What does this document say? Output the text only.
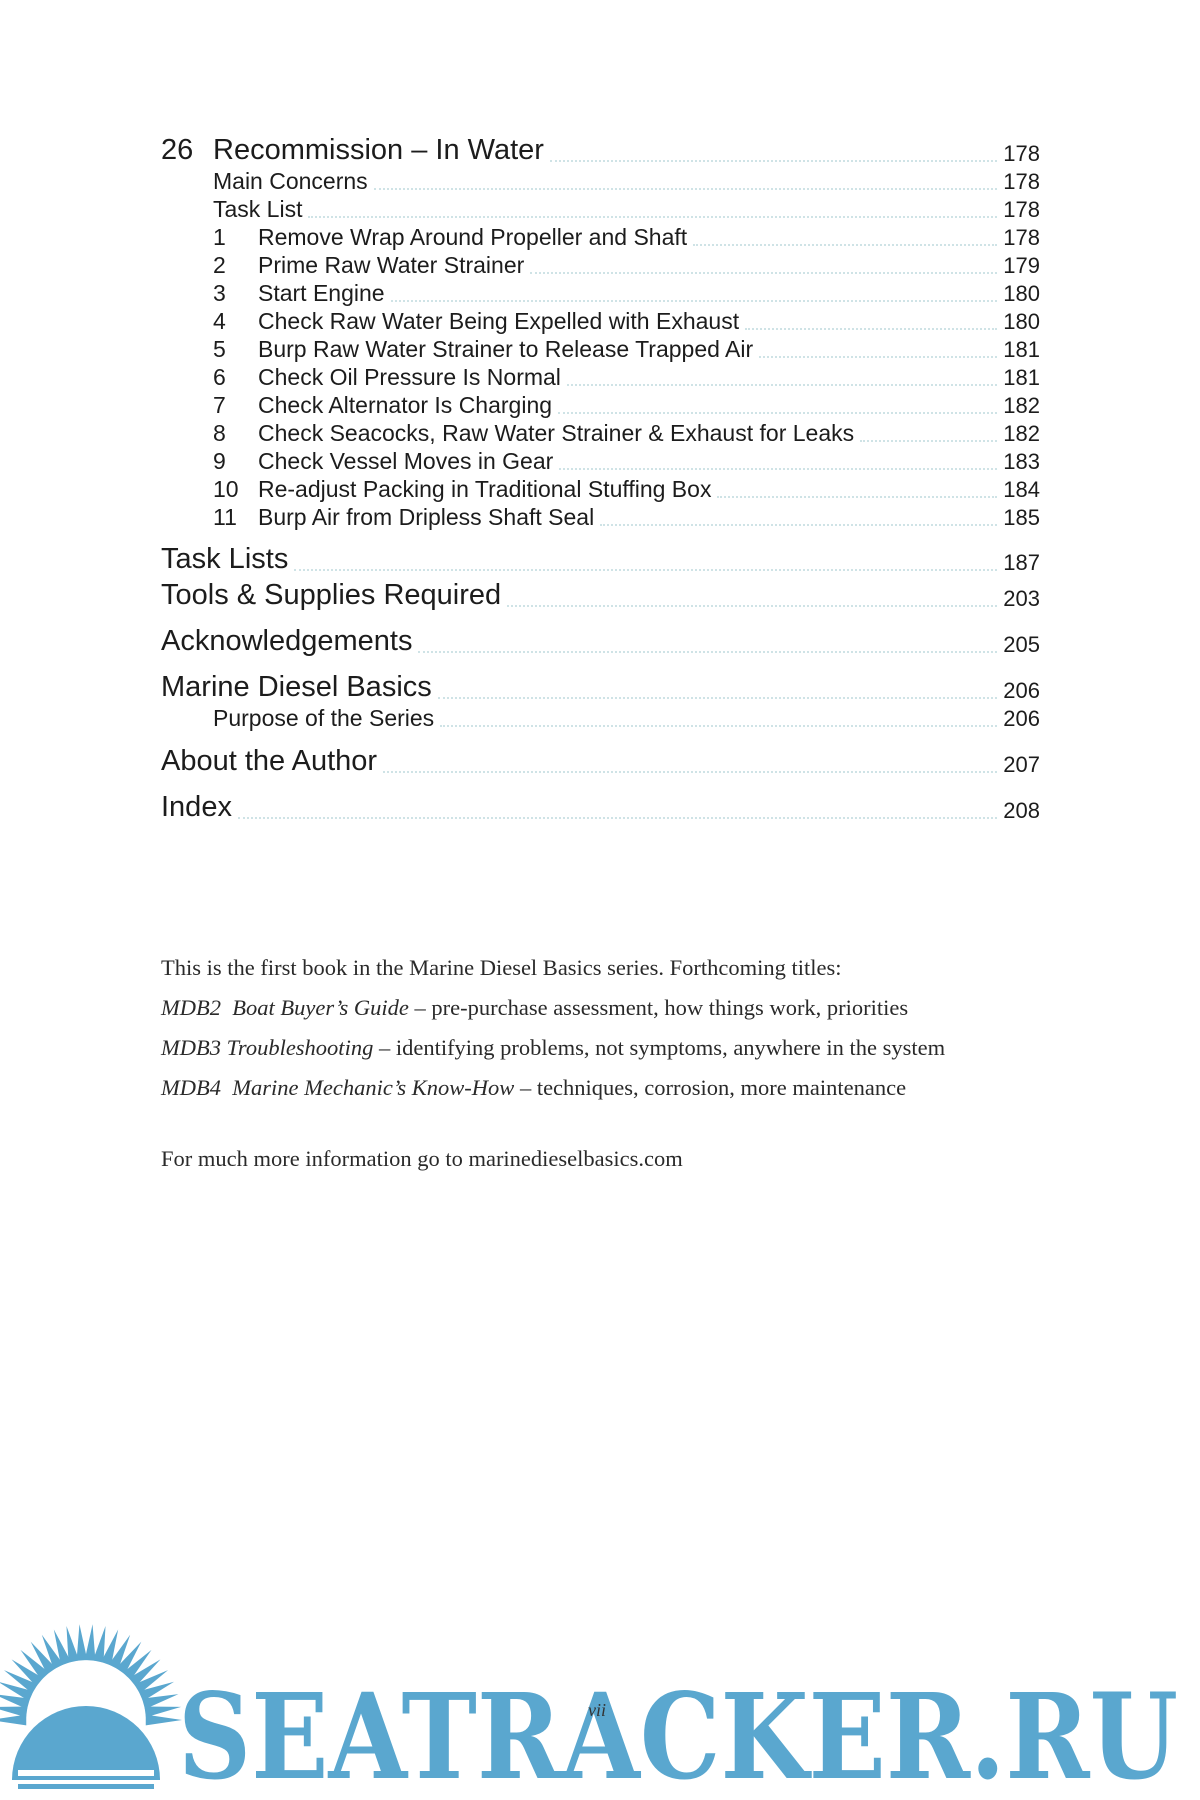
26 Recommission – In Water	178
Main Concerns	178
Task List	178
1 Remove Wrap Around Propeller and Shaft	178
2 Prime Raw Water Strainer	179
3 Start Engine	180
4 Check Raw Water Being Expelled with Exhaust	180
5 Burp Raw Water Strainer to Release Trapped Air	181
6 Check Oil Pressure Is Normal	181
7 Check Alternator Is Charging	182
8 Check Seacocks, Raw Water Strainer & Exhaust for Leaks	182
9 Check Vessel Moves in Gear	183
10 Re-adjust Packing in Traditional Stuffing Box	184
11 Burp Air from Dripless Shaft Seal	185
Task Lists	187
Tools & Supplies Required	203
Acknowledgements	205
Marine Diesel Basics	206
Purpose of the Series	206
About the Author	207
Index	208

This is the first book in the Marine Diesel Basics series. Forthcoming titles:

MDB2 Boat Buyer’s Guide – pre-purchase assessment, how things work, priorities

MDB3 Troubleshooting – identifying problems, not symptoms, anywhere in the system

MDB4 Marine Mechanic’s Know-How – techniques, corrosion, more maintenance

For much more information go to marinedieselbasics.com
SEATRACKER.RU
vii
